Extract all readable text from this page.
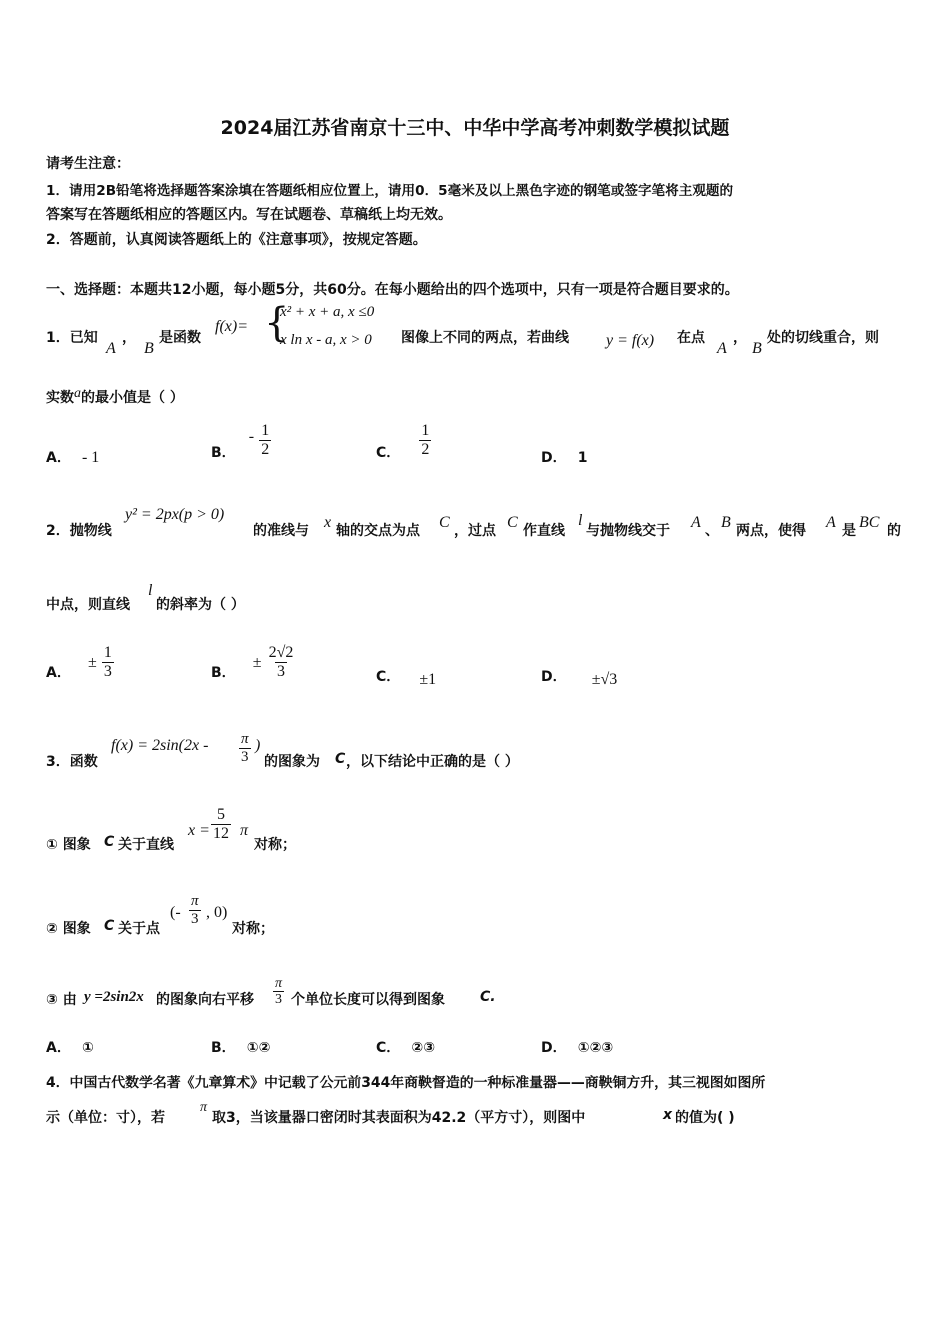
2024届江苏省南京十三中、中华中学高考冲刺数学模拟试题
请考生注意：
1．请用2B铅笔将选择题答案涂填在答题纸相应位置上，请用0．5毫米及以上黑色字迹的钢笔或签字笔将主观题的
答案写在答题纸相应的答题区内。写在试题卷、草稿纸上均无效。
2．答题前，认真阅读答题纸上的《注意事项》，按规定答题。
一、选择题：本题共12小题，每小题5分，共60分。在每小题给出的四个选项中，只有一项是符合题目要求的。
1．已知
A
，
B
是函数
f(x)= {
x² + x + a, x ≤0
x ln x - a, x > 0 图像上不同的两点，若曲线 y = f(x) 在点
A
，
B
处的切线重合，则
实数a的最小值是（ ）
A． - 1	B． - $\frac{1}{2}$	C． $\frac{1}{2}$	D． 1
2．抛物线
y² = 2px(p > 0)
的准线与 x 轴的交点为点 C ，过点 C 作直线
l
与抛物线交于 A 、 B 两点，使得 A 是 BC 的
中点，则直线
l
的斜率为（ ）
A． ± $\frac{1}{3}$	B． ± $\frac{2√2}{3}$	C． ±1	D． ±√3
3．函数
$f(x) = 2\sin(2x - \frac{\pi}{3}$ )
的图象为 C ，以下结论中正确的是（ ）
① 图象 C 关于直线
$x = \frac{5}{12}$ π
对称；
② 图象 C 关于点
(- $\frac{\pi}{3}$ , 0)
对称；
③ 由 y =2sin2x 的图象向右平移 $\frac{\pi}{3}$ 个单位长度可以得到图象	C.
A． ①	B． ①②	C． ②③	D． ①②③
4．中国古代数学名著《九章算术》中记载了公元前344年商鞅督造的一种标准量器——商鞅铜方升，其三视图如图所
示（单位：寸），若
π
取3，当该量器口密闭时其表面积为42.2（平方寸），则图中	x 的值为( )
